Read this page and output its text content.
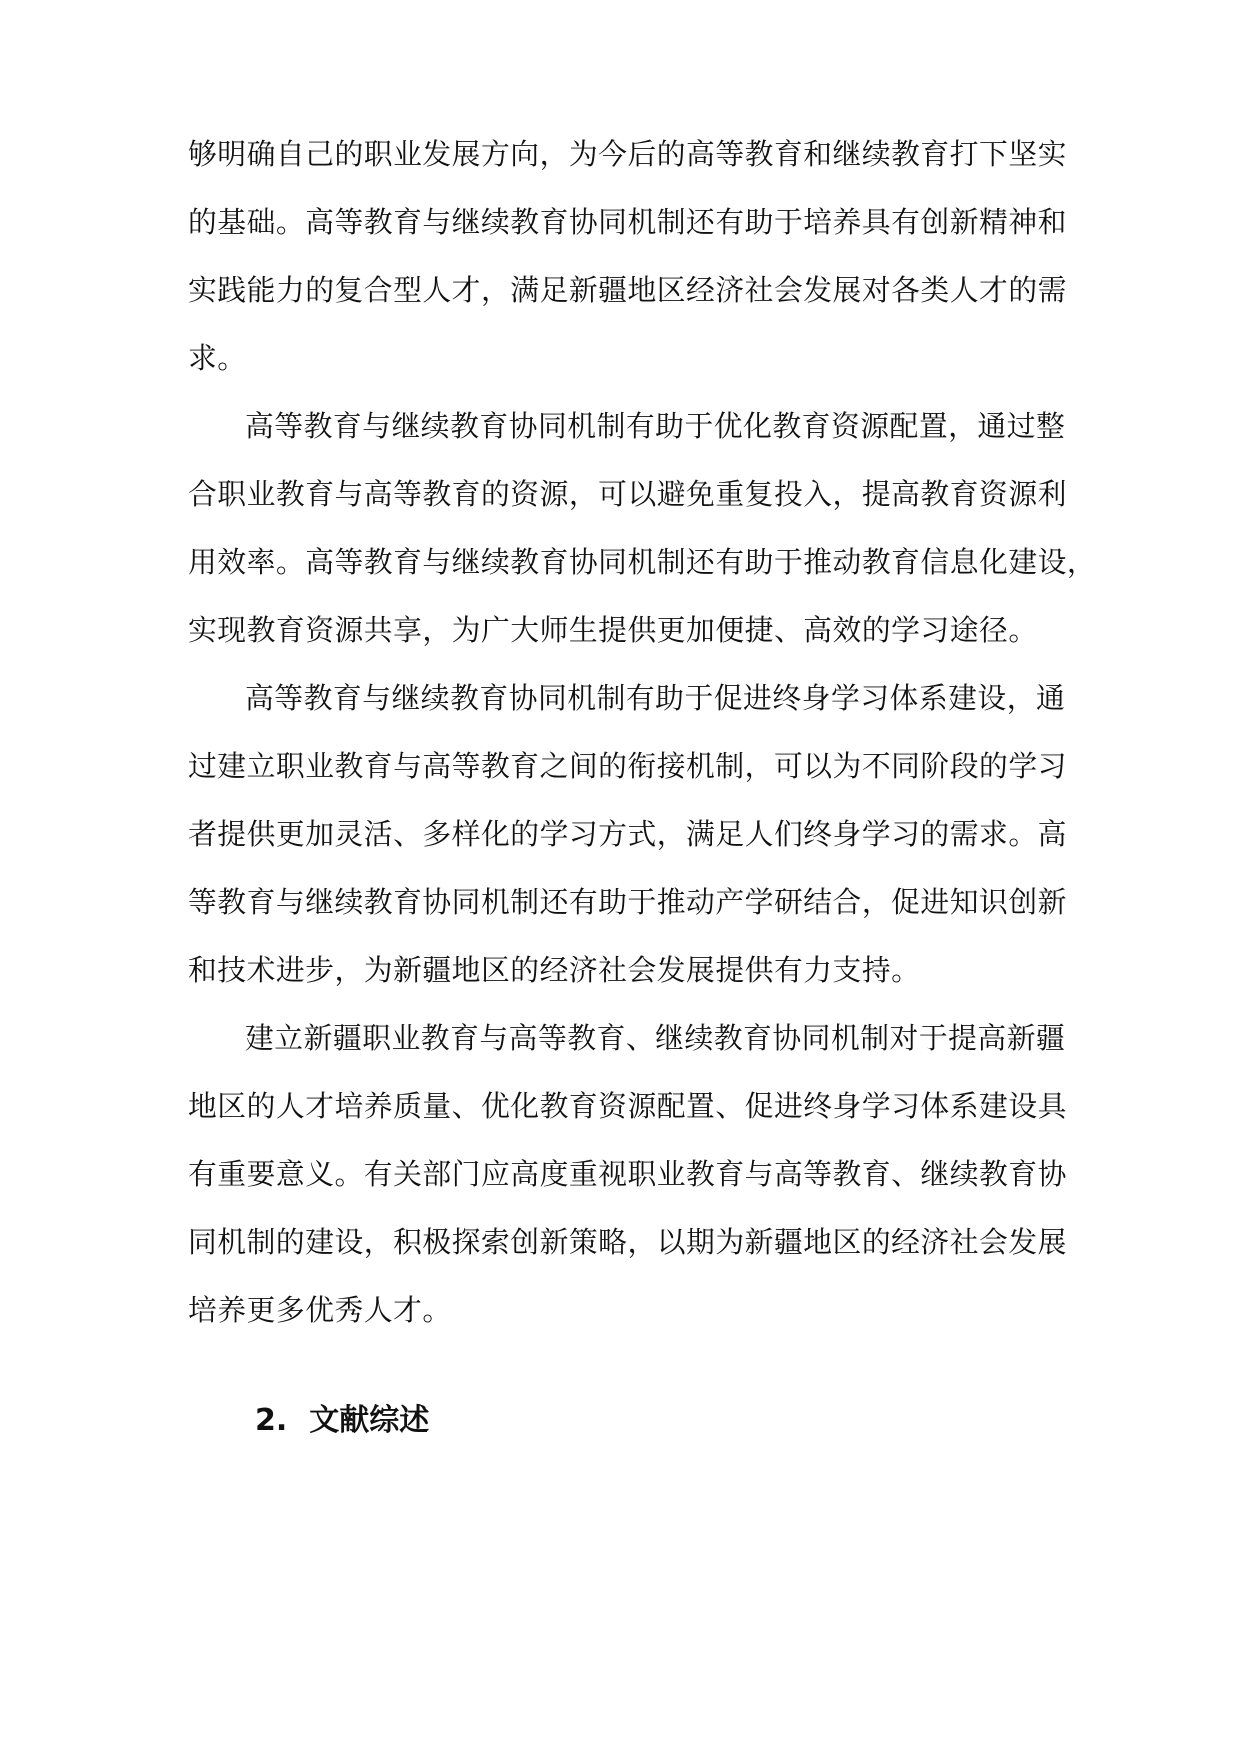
够明确自己的职业发展方向，为今后的高等教育和继续教育打下坚实
的基础。高等教育与继续教育协同机制还有助于培养具有创新精神和
实践能力的复合型人才，满足新疆地区经济社会发展对各类人才的需
求。
高等教育与继续教育协同机制有助于优化教育资源配置，通过整
合职业教育与高等教育的资源，可以避免重复投入，提高教育资源利
用效率。高等教育与继续教育协同机制还有助于推动教育信息化建设，
实现教育资源共享，为广大师生提供更加便捷、高效的学习途径。
高等教育与继续教育协同机制有助于促进终身学习体系建设，通
过建立职业教育与高等教育之间的衔接机制，可以为不同阶段的学习
者提供更加灵活、多样化的学习方式，满足人们终身学习的需求。高
等教育与继续教育协同机制还有助于推动产学研结合，促进知识创新
和技术进步，为新疆地区的经济社会发展提供有力支持。
建立新疆职业教育与高等教育、继续教育协同机制对于提高新疆
地区的人才培养质量、优化教育资源配置、促进终身学习体系建设具
有重要意义。有关部门应高度重视职业教育与高等教育、继续教育协
同机制的建设，积极探索创新策略，以期为新疆地区的经济社会发展
培养更多优秀人才。
2. 文献综述
